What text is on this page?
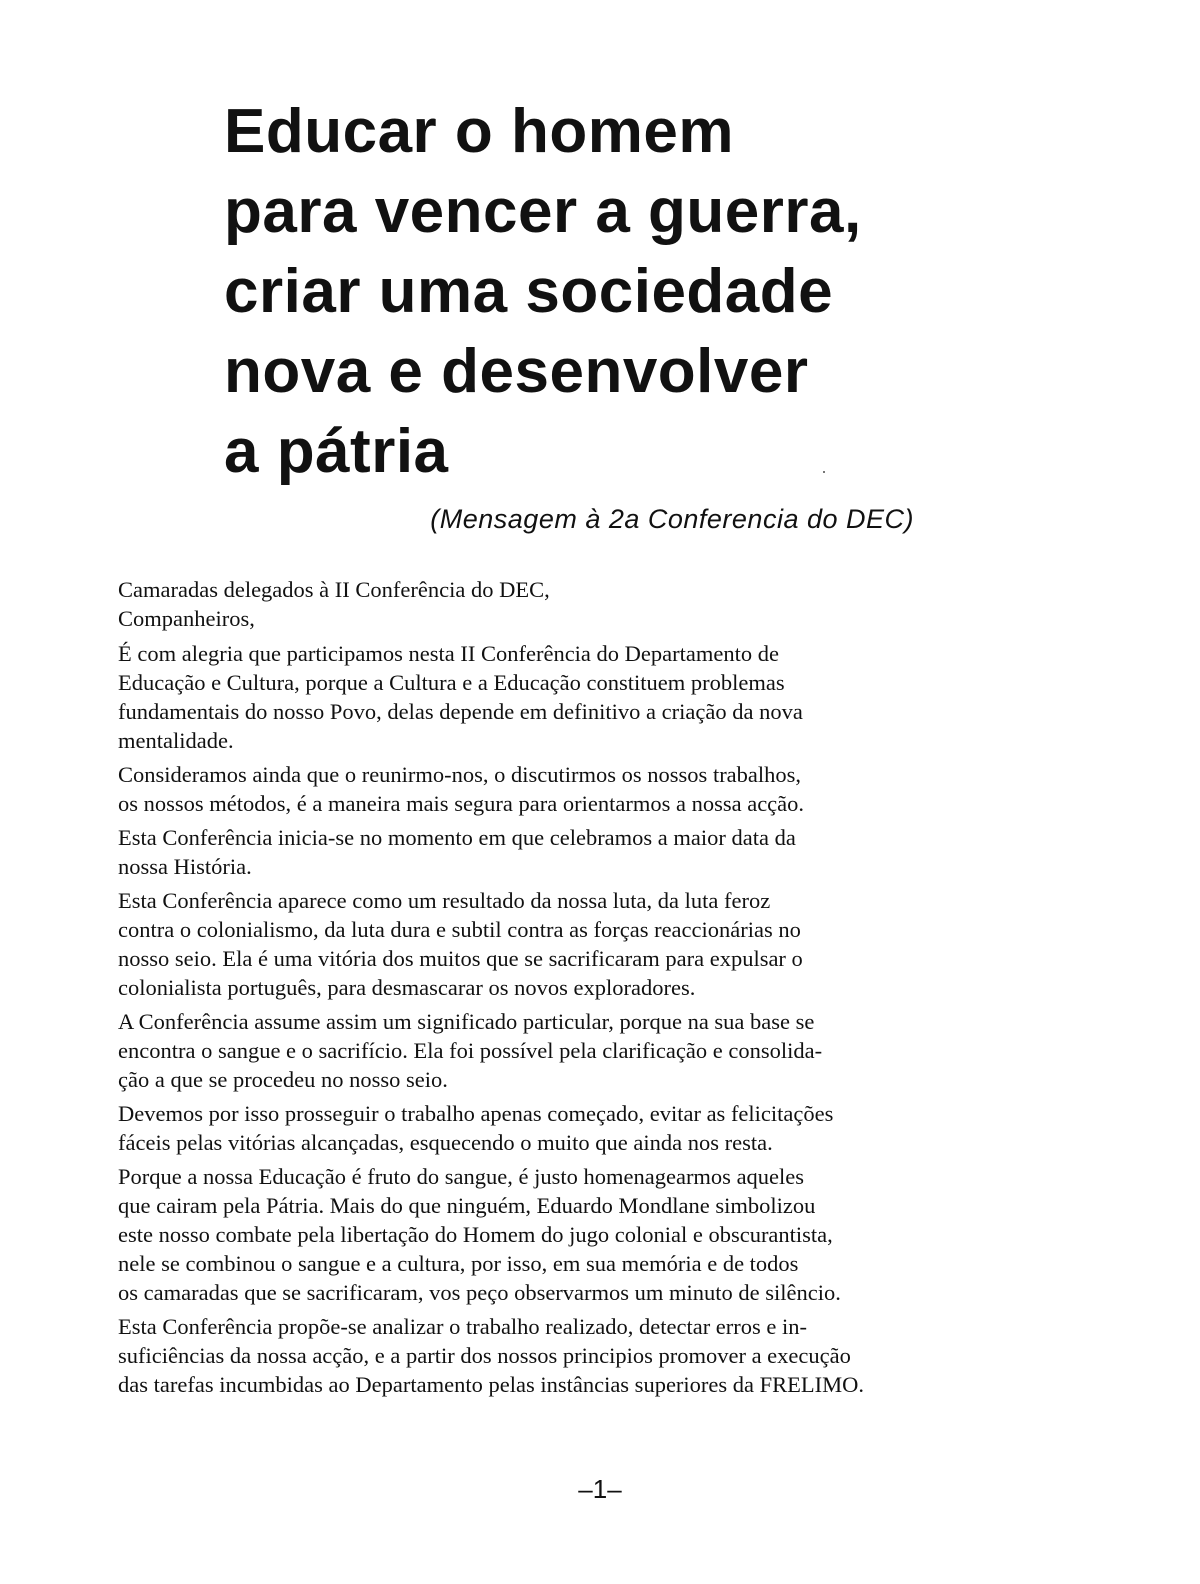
Educar o homem
para vencer a guerra,
criar uma sociedade
nova e desenvolver
a pátria
(Mensagem à 2a Conferencia do DEC)

Camaradas delegados à II Conferência do DEC,
Companheiros,

É com alegria que participamos nesta II Conferência do Departamento de
Educação e Cultura, porque a Cultura e a Educação constituem problemas
fundamentais do nosso Povo, delas depende em definitivo a criação da nova
mentalidade.

Consideramos ainda que o reunirmo-nos, o discutirmos os nossos trabalhos,
os nossos métodos, é a maneira mais segura para orientarmos a nossa acção.

Esta Conferência inicia-se no momento em que celebramos a maior data da
nossa História.

Esta Conferência aparece como um resultado da nossa luta, da luta feroz
contra o colonialismo, da luta dura e subtil contra as forças reaccionárias no
nosso seio. Ela é uma vitória dos muitos que se sacrificaram para expulsar o
colonialista português, para desmascarar os novos exploradores.

A Conferência assume assim um significado particular, porque na sua base se
encontra o sangue e o sacrifício. Ela foi possível pela clarificação e consolida-
ção a que se procedeu no nosso seio.

Devemos por isso prosseguir o trabalho apenas começado, evitar as felicitações
fáceis pelas vitórias alcançadas, esquecendo o muito que ainda nos resta.

Porque a nossa Educação é fruto do sangue, é justo homenagearmos aqueles
que cairam pela Pátria. Mais do que ninguém, Eduardo Mondlane simbolizou
este nosso combate pela libertação do Homem do jugo colonial e obscurantista,
nele se combinou o sangue e a cultura, por isso, em sua memória e de todos
os camaradas que se sacrificaram, vos peço observarmos um minuto de silêncio.

Esta Conferência propõe-se analizar o trabalho realizado, detectar erros e in-
suficiências da nossa acção, e a partir dos nossos principios promover a execução
das tarefas incumbidas ao Departamento pelas instâncias superiores da FRELIMO.

–1–
